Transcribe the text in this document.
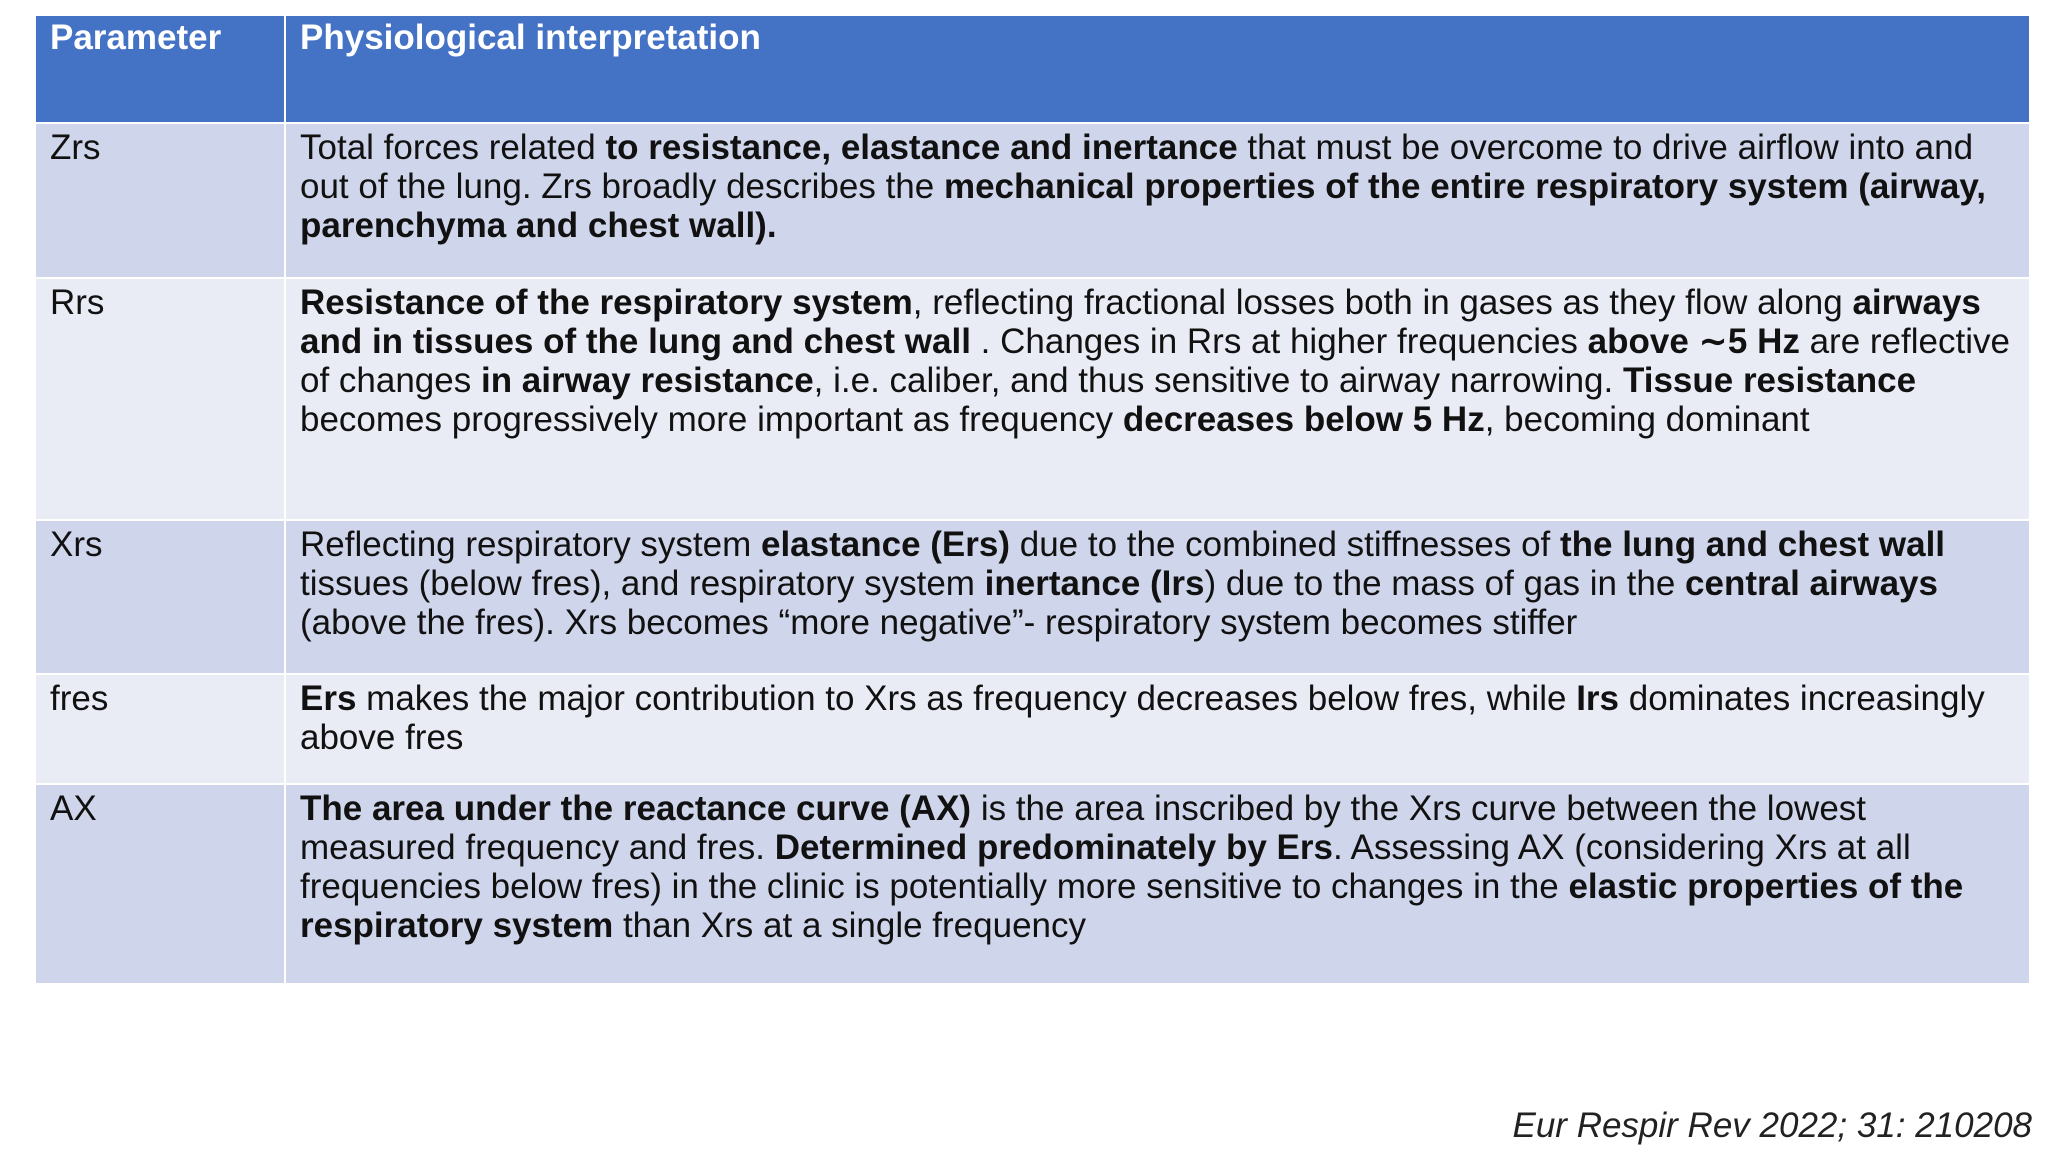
Parameter	Physiological interpretation
Zrs	Total forces related to resistance, elastance and inertance that must be overcome to drive airflow into and out of the lung. Zrs broadly describes the mechanical properties of the entire respiratory system (airway, parenchyma and chest wall).
Rrs	Resistance of the respiratory system, reflecting fractional losses both in gases as they flow along airways and in tissues of the lung and chest wall . Changes in Rrs at higher frequencies above ∼5 Hz are reflective of changes in airway resistance, i.e. caliber, and thus sensitive to airway narrowing. Tissue resistance becomes progressively more important as frequency decreases below 5 Hz, becoming dominant
Xrs	Reflecting respiratory system elastance (Ers) due to the combined stiffnesses of the lung and chest wall tissues (below fres), and respiratory system inertance (Irs) due to the mass of gas in the central airways (above the fres). Xrs becomes “more negative”- respiratory system becomes stiffer
fres	Ers makes the major contribution to Xrs as frequency decreases below fres, while Irs dominates increasingly above fres
AX	The area under the reactance curve (AX) is the area inscribed by the Xrs curve between the lowest measured frequency and fres. Determined predominately by Ers. Assessing AX (considering Xrs at all frequencies below fres) in the clinic is potentially more sensitive to changes in the elastic properties of the respiratory system than Xrs at a single frequency
Eur Respir Rev 2022; 31: 210208
